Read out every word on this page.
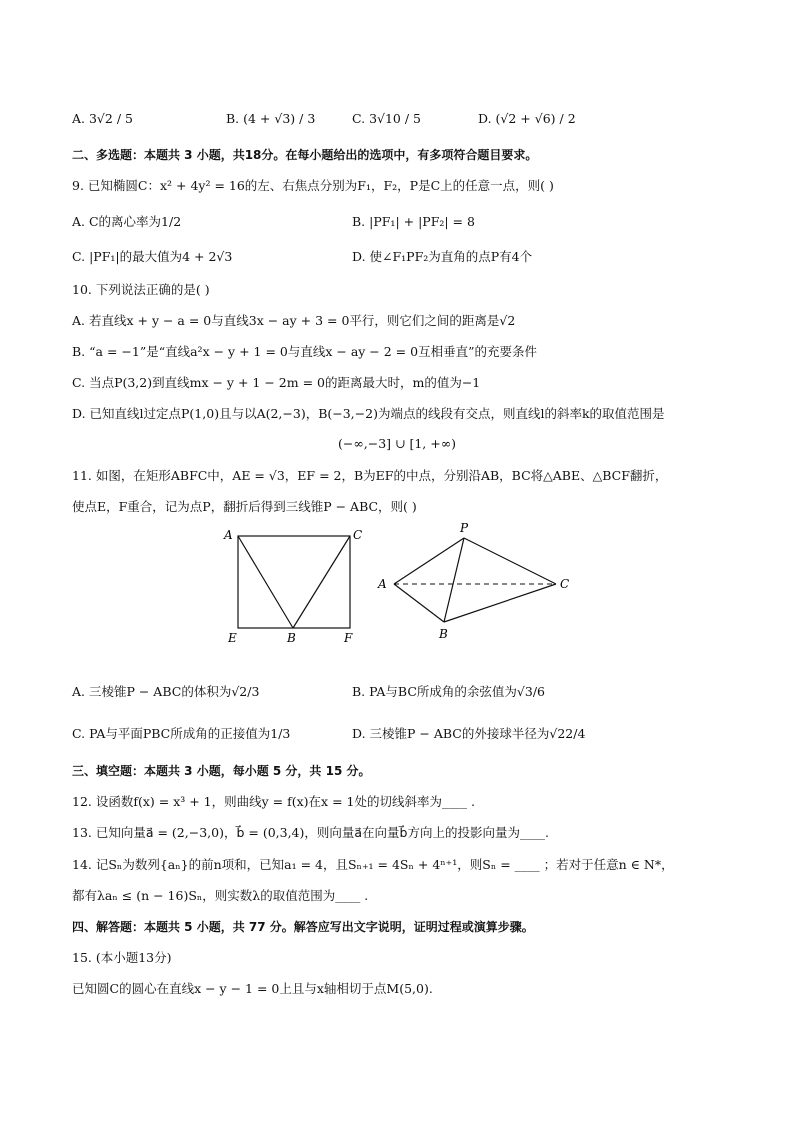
A. 3√2 / 5	B. (4 + √3) / 3	C. 3√10 / 5	D. (√2 + √6) / 2
二、多选题：本题共 3 小题，共18分。在每小题给出的选项中，有多项符合题目要求。
9. 已知椭圆C：x² + 4y² = 16的左、右焦点分别为F₁，F₂，P是C上的任意一点，则( )
A. C的离心率为1/2	B. |PF₁| + |PF₂| = 8
C. |PF₁|的最大值为4 + 2√3	D. 使∠F₁PF₂为直角的点P有4个
10. 下列说法正确的是( )
A. 若直线x + y − a = 0与直线3x − ay + 3 = 0平行，则它们之间的距离是√2
B. “a = −1”是“直线a²x − y + 1 = 0与直线x − ay − 2 = 0互相垂直”的充要条件
C. 当点P(3,2)到直线mx − y + 1 − 2m = 0的距离最大时，m的值为−1
D. 已知直线l过定点P(1,0)且与以A(2,−3)，B(−3,−2)为端点的线段有交点，则直线l的斜率k的取值范围是
(−∞,−3] ∪ [1, +∞)
11. 如图，在矩形ABFC中，AE = √3，EF = 2，B为EF的中点，分别沿AB，BC将△ABE、△BCF翻折，
使点E，F重合，记为点P，翻折后得到三线锥P − ABC，则( )
A	C
E	B	F
P
A	C
B
A. 三棱锥P − ABC的体积为√2/3	B. PA与BC所成角的余弦值为√3/6
C. PA与平面PBC所成角的正接值为1/3	D. 三棱锥P − ABC的外接球半径为√22/4
三、填空题：本题共 3 小题，每小题 5 分，共 15 分。
12. 设函数f(x) = x³ + 1，则曲线y = f(x)在x = 1处的切线斜率为____ .
13. 已知向量a⃗ = (2,−3,0)，b⃗ = (0,3,4)，则向量a⃗在向量b⃗方向上的投影向量为____.
14. 记Sₙ为数列{aₙ}的前n项和，已知a₁ = 4，且Sₙ₊₁ = 4Sₙ + 4ⁿ⁺¹，则Sₙ = ____ ；若对于任意n ∈ N*，
都有λaₙ ≤ (n − 16)Sₙ，则实数λ的取值范围为____ .
四、解答题：本题共 5 小题，共 77 分。解答应写出文字说明，证明过程或演算步骤。
15. (本小题13分)
已知圆C的圆心在直线x − y − 1 = 0上且与x轴相切于点M(5,0).
